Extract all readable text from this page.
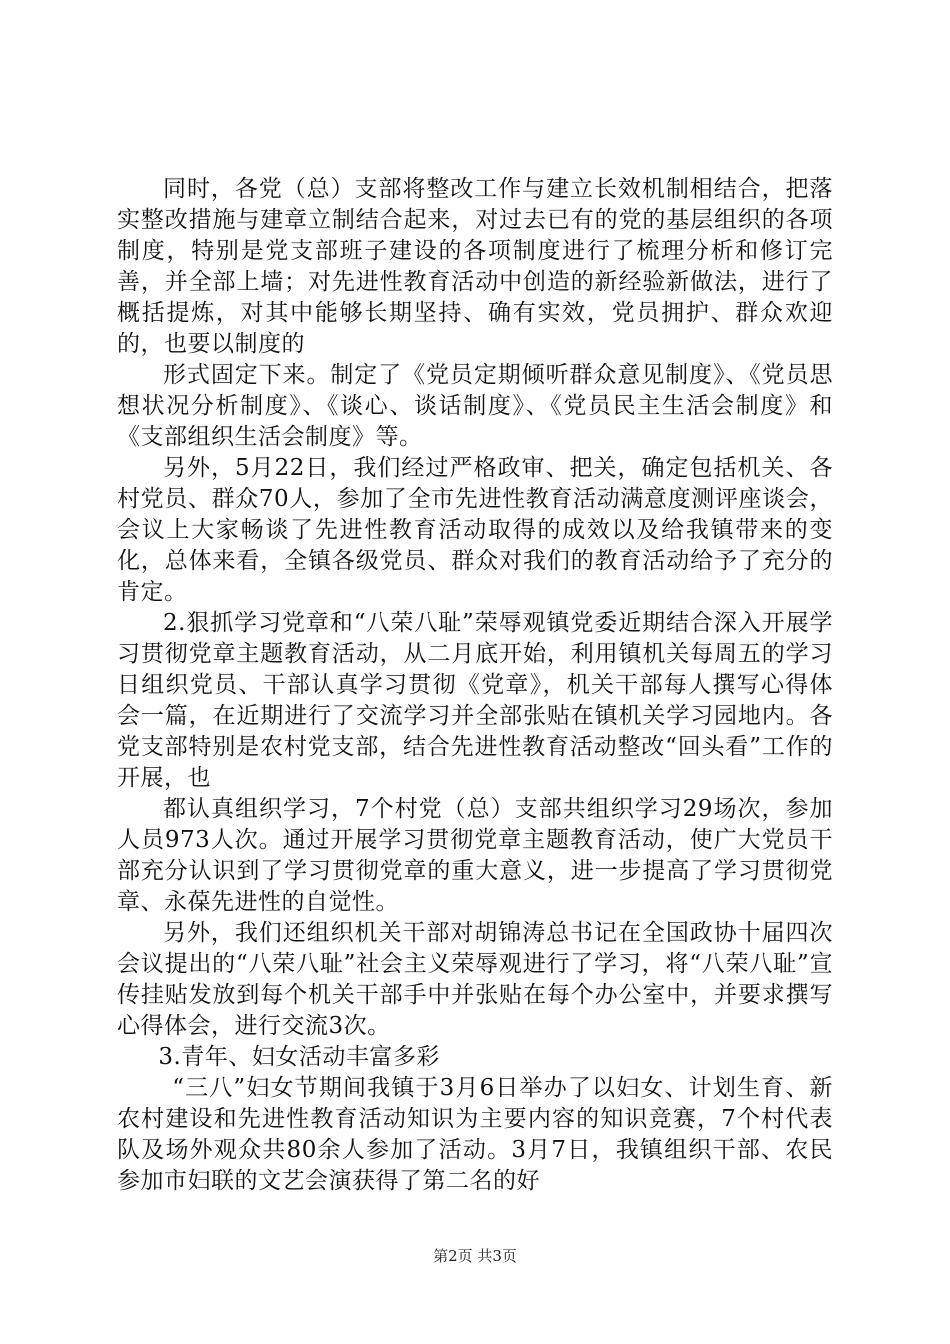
同时，各党（总）支部将整改工作与建立长效机制相结合，把落实整改措施与建章立制结合起来，对过去已有的党的基层组织的各项制度，特别是党支部班子建设的各项制度进行了梳理分析和修订完善，并全部上墙；对先进性教育活动中创造的新经验新做法，进行了概括提炼，对其中能够长期坚持、确有实效，党员拥护、群众欢迎的，也要以制度的

形式固定下来。制定了《党员定期倾听群众意见制度》、《党员思想状况分析制度》、《谈心、谈话制度》、《党员民主生活会制度》和《支部组织生活会制度》等。

另外，5月22日，我们经过严格政审、把关，确定包括机关、各村党员、群众70人，参加了全市先进性教育活动满意度测评座谈会，会议上大家畅谈了先进性教育活动取得的成效以及给我镇带来的变化，总体来看，全镇各级党员、群众对我们的教育活动给予了充分的肯定。

2.狠抓学习党章和“八荣八耻”荣辱观镇党委近期结合深入开展学习贯彻党章主题教育活动，从二月底开始，利用镇机关每周五的学习日组织党员、干部认真学习贯彻《党章》，机关干部每人撰写心得体会一篇，在近期进行了交流学习并全部张贴在镇机关学习园地内。各党支部特别是农村党支部，结合先进性教育活动整改“回头看”工作的开展，也

都认真组织学习，7个村党（总）支部共组织学习29场次，参加人员973人次。通过开展学习贯彻党章主题教育活动，使广大党员干部充分认识到了学习贯彻党章的重大意义，进一步提高了学习贯彻党章、永葆先进性的自觉性。

另外，我们还组织机关干部对胡锦涛总书记在全国政协十届四次会议提出的“八荣八耻”社会主义荣辱观进行了学习，将“八荣八耻”宣传挂贴发放到每个机关干部手中并张贴在每个办公室中，并要求撰写心得体会，进行交流3次。

3.青年、妇女活动丰富多彩

“三八”妇女节期间我镇于3月6日举办了以妇女、计划生育、新农村建设和先进性教育活动知识为主要内容的知识竞赛，7个村代表队及场外观众共80余人参加了活动。3月7日，我镇组织干部、农民参加市妇联的文艺会演获得了第二名的好

第2页 共3页
